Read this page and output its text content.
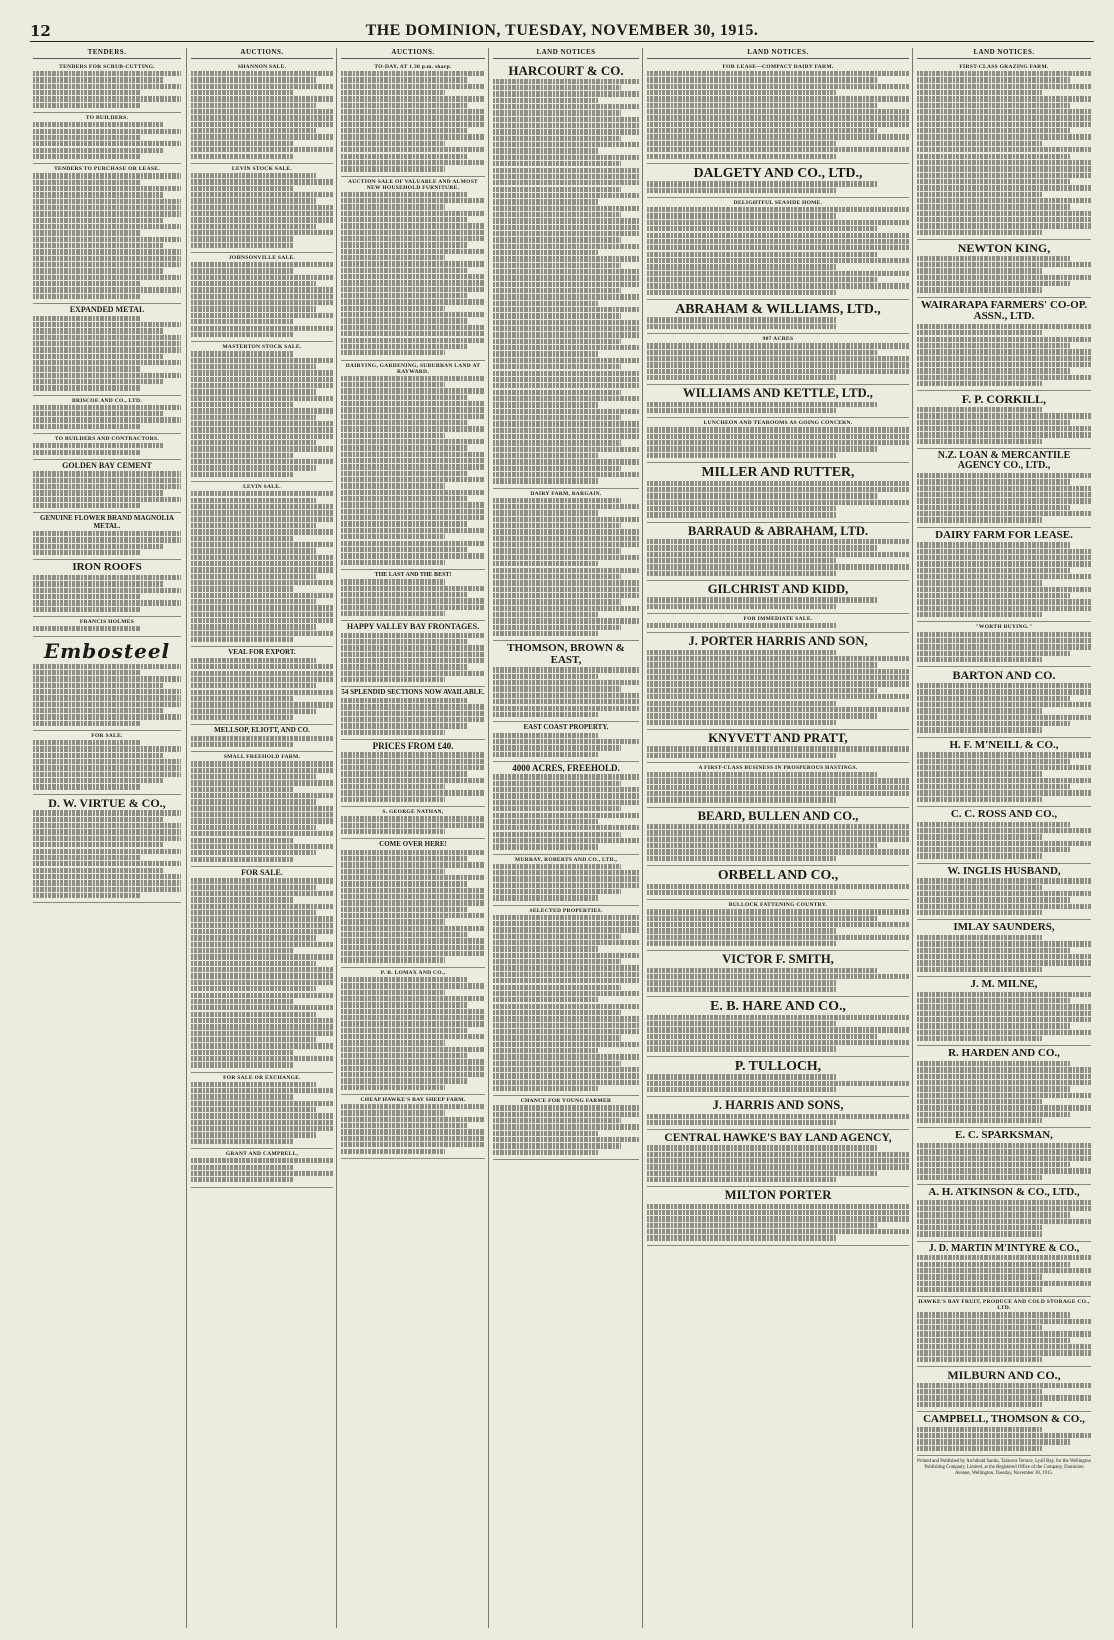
12	THE DOMINION, TUESDAY, NOVEMBER 30, 1915.
TENDERS.
TENDERS FOR SCRUB-CUTTING.
TO BUILDERS.
TENDERS TO PURCHASE OR LEASE.
EXPANDED METAL
BRISCOE AND CO., LTD.
TO BUILDERS AND CONTRACTORS.
GOLDEN BAY CEMENT
GENUINE FLOWER BRAND MAGNOLIA METAL.
IRON ROOFS
FRANCIS HOLMES
Embosteel
FOR SALE.
D. W. VIRTUE & CO.,
AUCTIONS.
SHANNON SALE.
LEVIN STOCK SALE.
JOHNSONVILLE SALE.
MASTERTON STOCK SALE.
LEVIN SALE.
VEAL FOR EXPORT.
MELLSOP, ELIOTT, AND CO.
SMALL FREEHOLD FARM.
FOR SALE.
FOR SALE OR EXCHANGE.
GRANT AND CAMPBELL,
AUCTIONS.
TO-DAY, AT 1.30 p.m. sharp.
AUCTION SALE OF VALUABLE AND ALMOST NEW HOUSEHOLD FURNITURE.
DAIRYING, GARDENING, SUBURBAN LAND AT RAYWARD.
THE LAST AND THE BEST!
HAPPY VALLEY BAY FRONTAGES.
54 SPLENDID SECTIONS NOW AVAILABLE.
PRICES FROM £40.
S. GEORGE NATHAN,
COME OVER HERE!
P. B. LOMAX AND CO.,
CHEAP HAWKE'S BAY SHEEP FARM.
LAND NOTICES
HARCOURT & CO.
DAIRY FARM, BARGAIN.
THOMSON, BROWN & EAST,
EAST COAST PROPERTY.
4000 ACRES, FREEHOLD.
MURRAY, ROBERTS AND CO., LTD.,
SELECTED PROPERTIES.
CHANCE FOR YOUNG FARMER
LAND NOTICES.
FOR LEASE—COMPACT DAIRY FARM.
DALGETY AND CO., LTD.,
DELIGHTFUL SEASIDE HOME.
ABRAHAM & WILLIAMS, LTD.,
987 ACRES
WILLIAMS AND KETTLE, LTD.,
LUNCHEON AND TEAROOMS AS GOING CONCERN.
MILLER AND RUTTER,
BARRAUD & ABRAHAM, LTD.
GILCHRIST AND KIDD,
FOR IMMEDIATE SALE.
J. PORTER HARRIS AND SON,
KNYVETT AND PRATT,
A FIRST-CLASS BUSINESS IN PROSPEROUS HASTINGS.
BEARD, BULLEN AND CO.,
ORBELL AND CO.,
BULLOCK FATTENING COUNTRY.
VICTOR F. SMITH,
E. B. HARE AND CO.,
P. TULLOCH,
J. HARRIS AND SONS,
CENTRAL HAWKE'S BAY LAND AGENCY,
MILTON PORTER
LAND NOTICES.
FIRST-CLASS GRAZING FARM.
NEWTON KING,
WAIRARAPA FARMERS' CO-OP. ASSN., LTD.
F. P. CORKILL,
N.Z. LOAN & MERCANTILE AGENCY CO., LTD.,
DAIRY FARM FOR LEASE.
"WORTH BUYING."
BARTON AND CO.
H. F. M'NEILL & CO.,
C. C. ROSS AND CO.,
W. INGLIS HUSBAND,
IMLAY SAUNDERS,
J. M. MILNE,
R. HARDEN AND CO.,
E. C. SPARKSMAN,
A. H. ATKINSON & CO., LTD.,
J. D. MARTIN M'INTYRE & CO.,
HAWKE'S BAY FRUIT, PRODUCE AND COLD STORAGE CO., LTD.
MILBURN AND CO.,
CAMPBELL, THOMSON & CO.,
Printed and Published by Archibald Sando, Talavera Terrace, Lyall Bay, for the Wellington Publishing Company, Limited, at the Registered Office of the Company, Dominion Avenue, Wellington, Tuesday, November 30, 1915.
